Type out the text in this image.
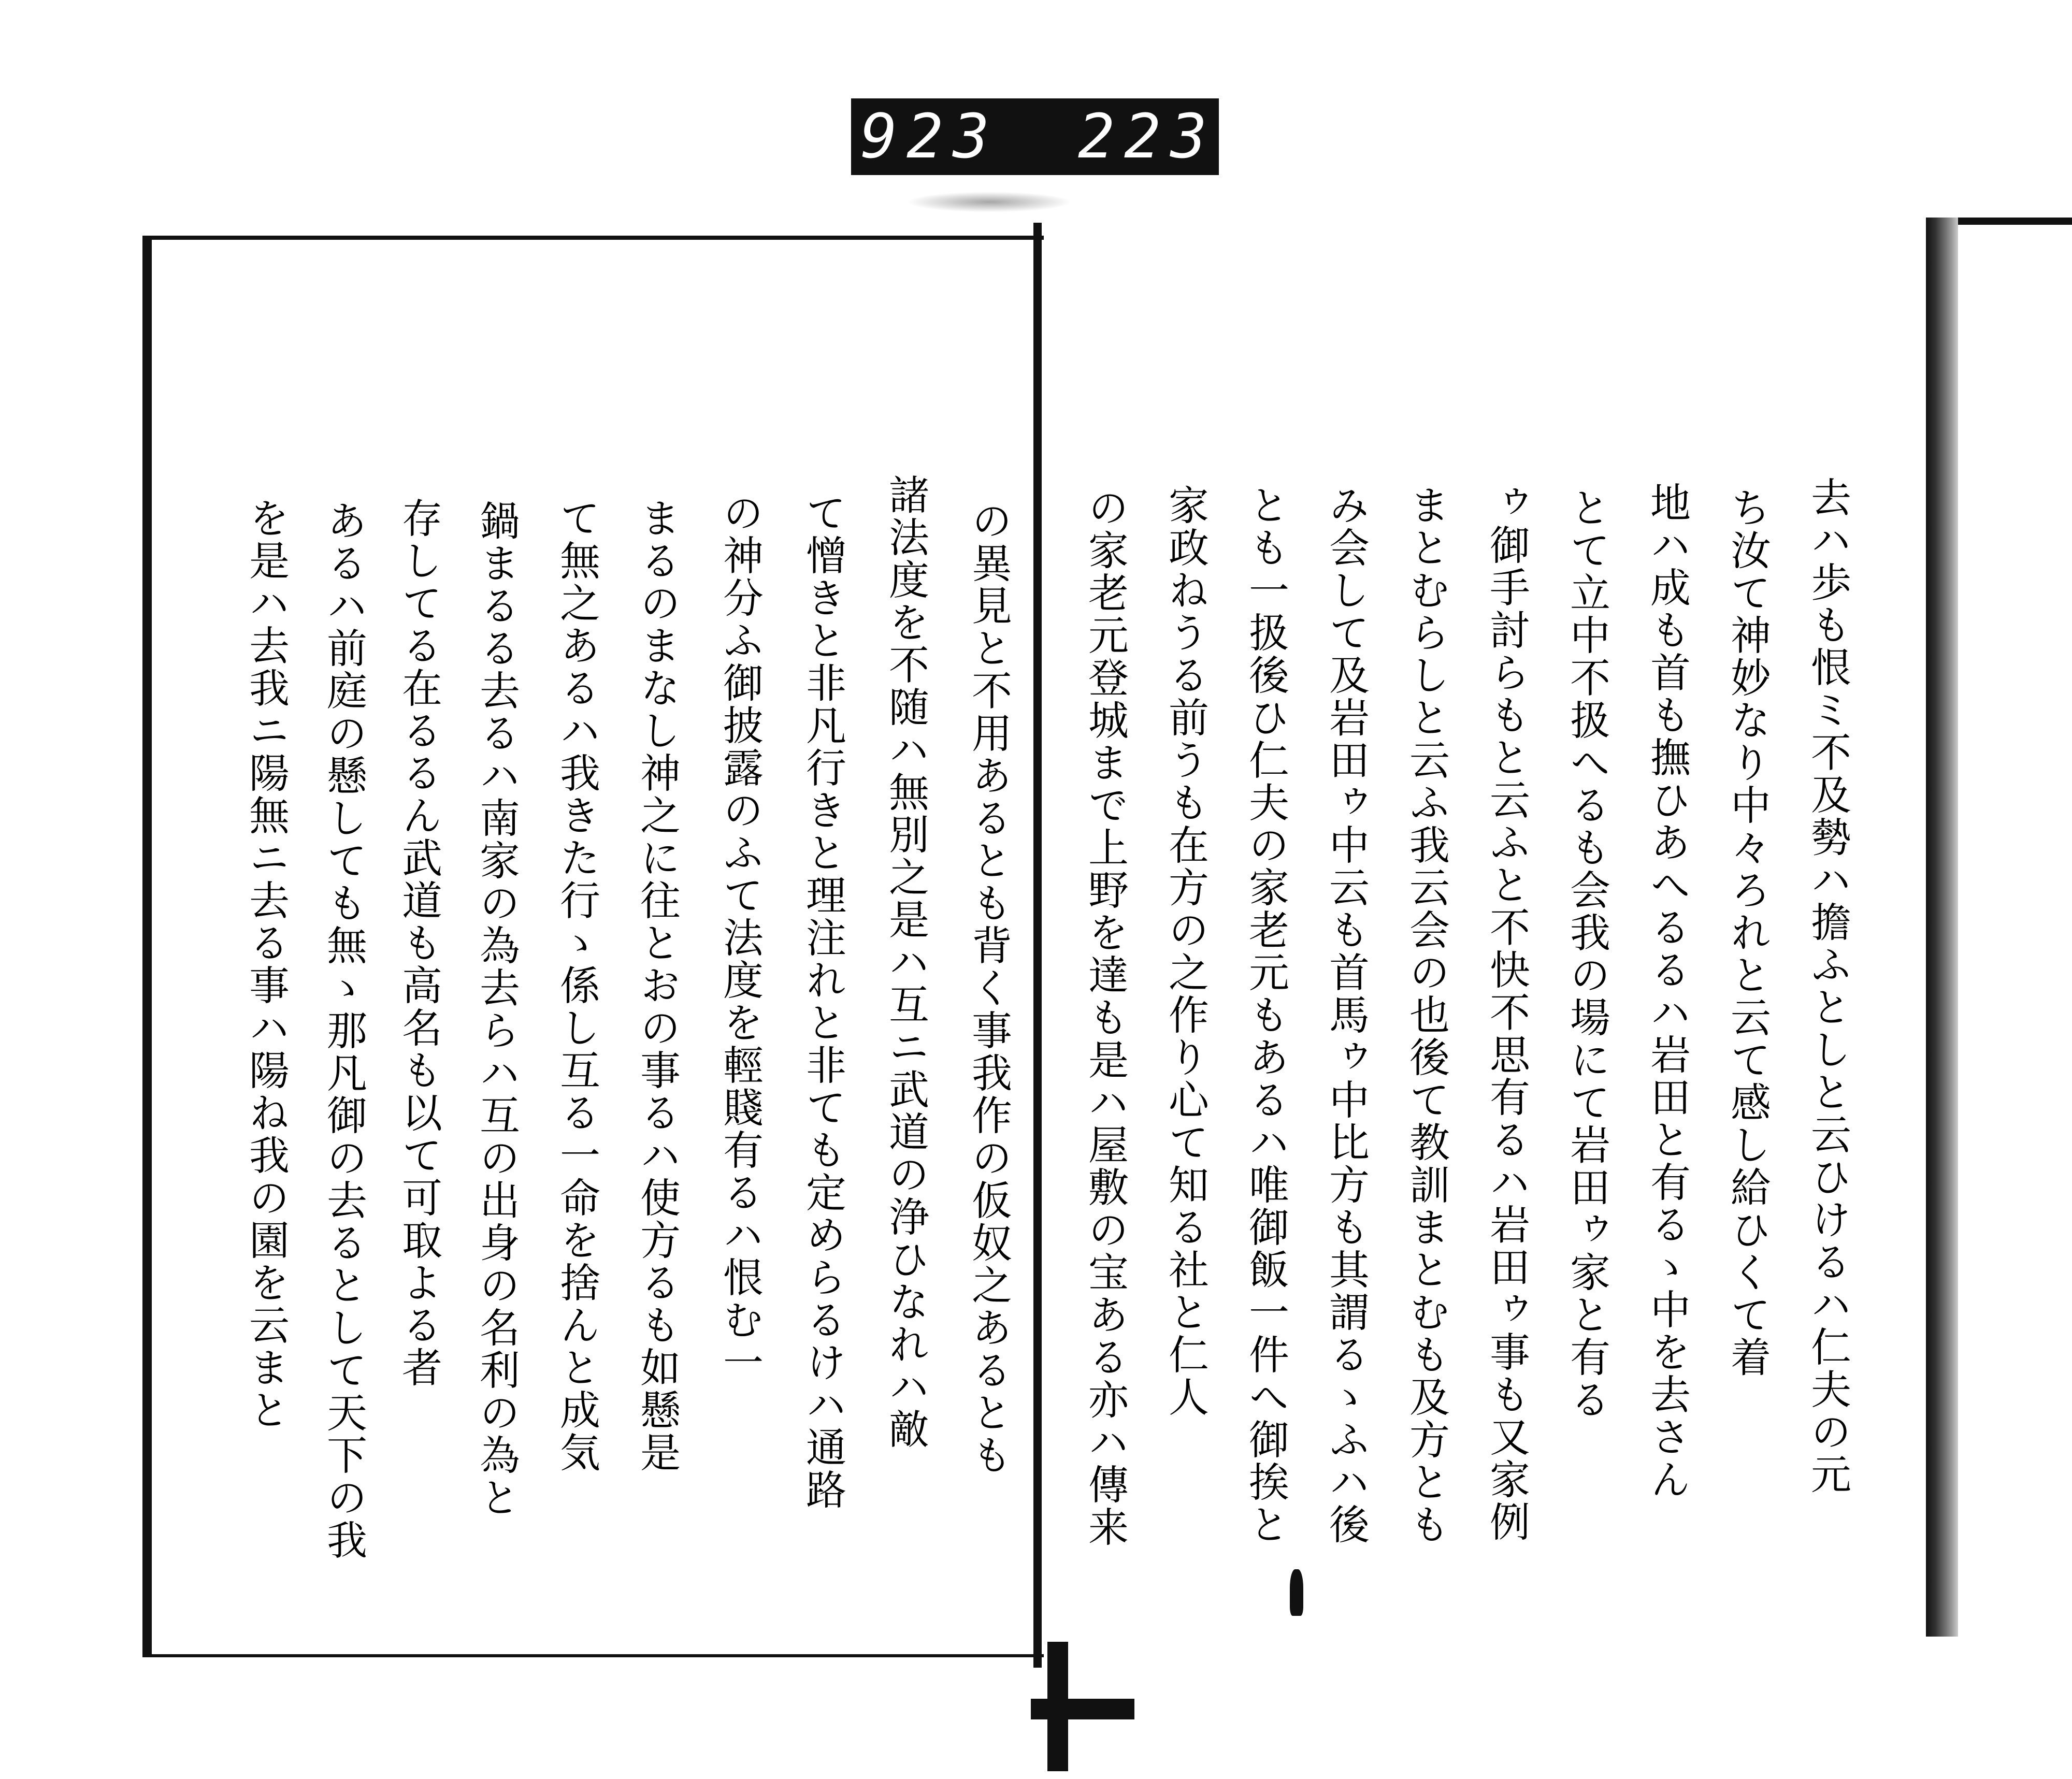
923 223.
去ハ歩も恨ミ不及勢ハ擔ふとしと云ひけるハ仁夫の元
ち汝て神妙なり中々ろれと云て感し給ひくて着
地ハ成も首も撫ひあへるるハ岩田と有るゝ中を去さん
とて立中不扱へるも会我の場にて岩田ゥ家と有る
ゥ御手討らもと云ふと不快不思有るハ岩田ゥ事も又家例
まとむらしと云ふ我云会の也後て教訓まとむも及方とも
み会して及岩田ゥ中云も首馬ゥ中比方も其謂るゝふハ後
とも一扱後ひ仁夫の家老元もあるハ唯御飯一件へ御挨と
家政ねうる前うも在方の之作り心て知る社と仁人
の家老元登城まで上野を達も是ハ屋敷の宝ある亦ハ傳来
の異見と不用あるとも背く事我作の仮奴之あるとも
諸法度を不随ハ無別之是ハ互ニ武道の浄ひなれハ敵
て憎きと非凡行きと理注れと非ても定めらるけハ通路
の神分ふ御披露のふて法度を輕賤有るハ恨む一
まるのまなし神之に往とおの事るハ使方るも如懸是
て無之あるハ我きた行ゝ係し互る一命を捨んと成気
鍋まるる去るハ南家の為去らハ互の出身の名利の為と
存してる在るるん武道も高名も以て可取よる者
あるハ前庭の懸しても無ゝ那凡御の去るとして天下の我
を是ハ去我ニ陽無ニ去る事ハ陽ね我の園を云まと
